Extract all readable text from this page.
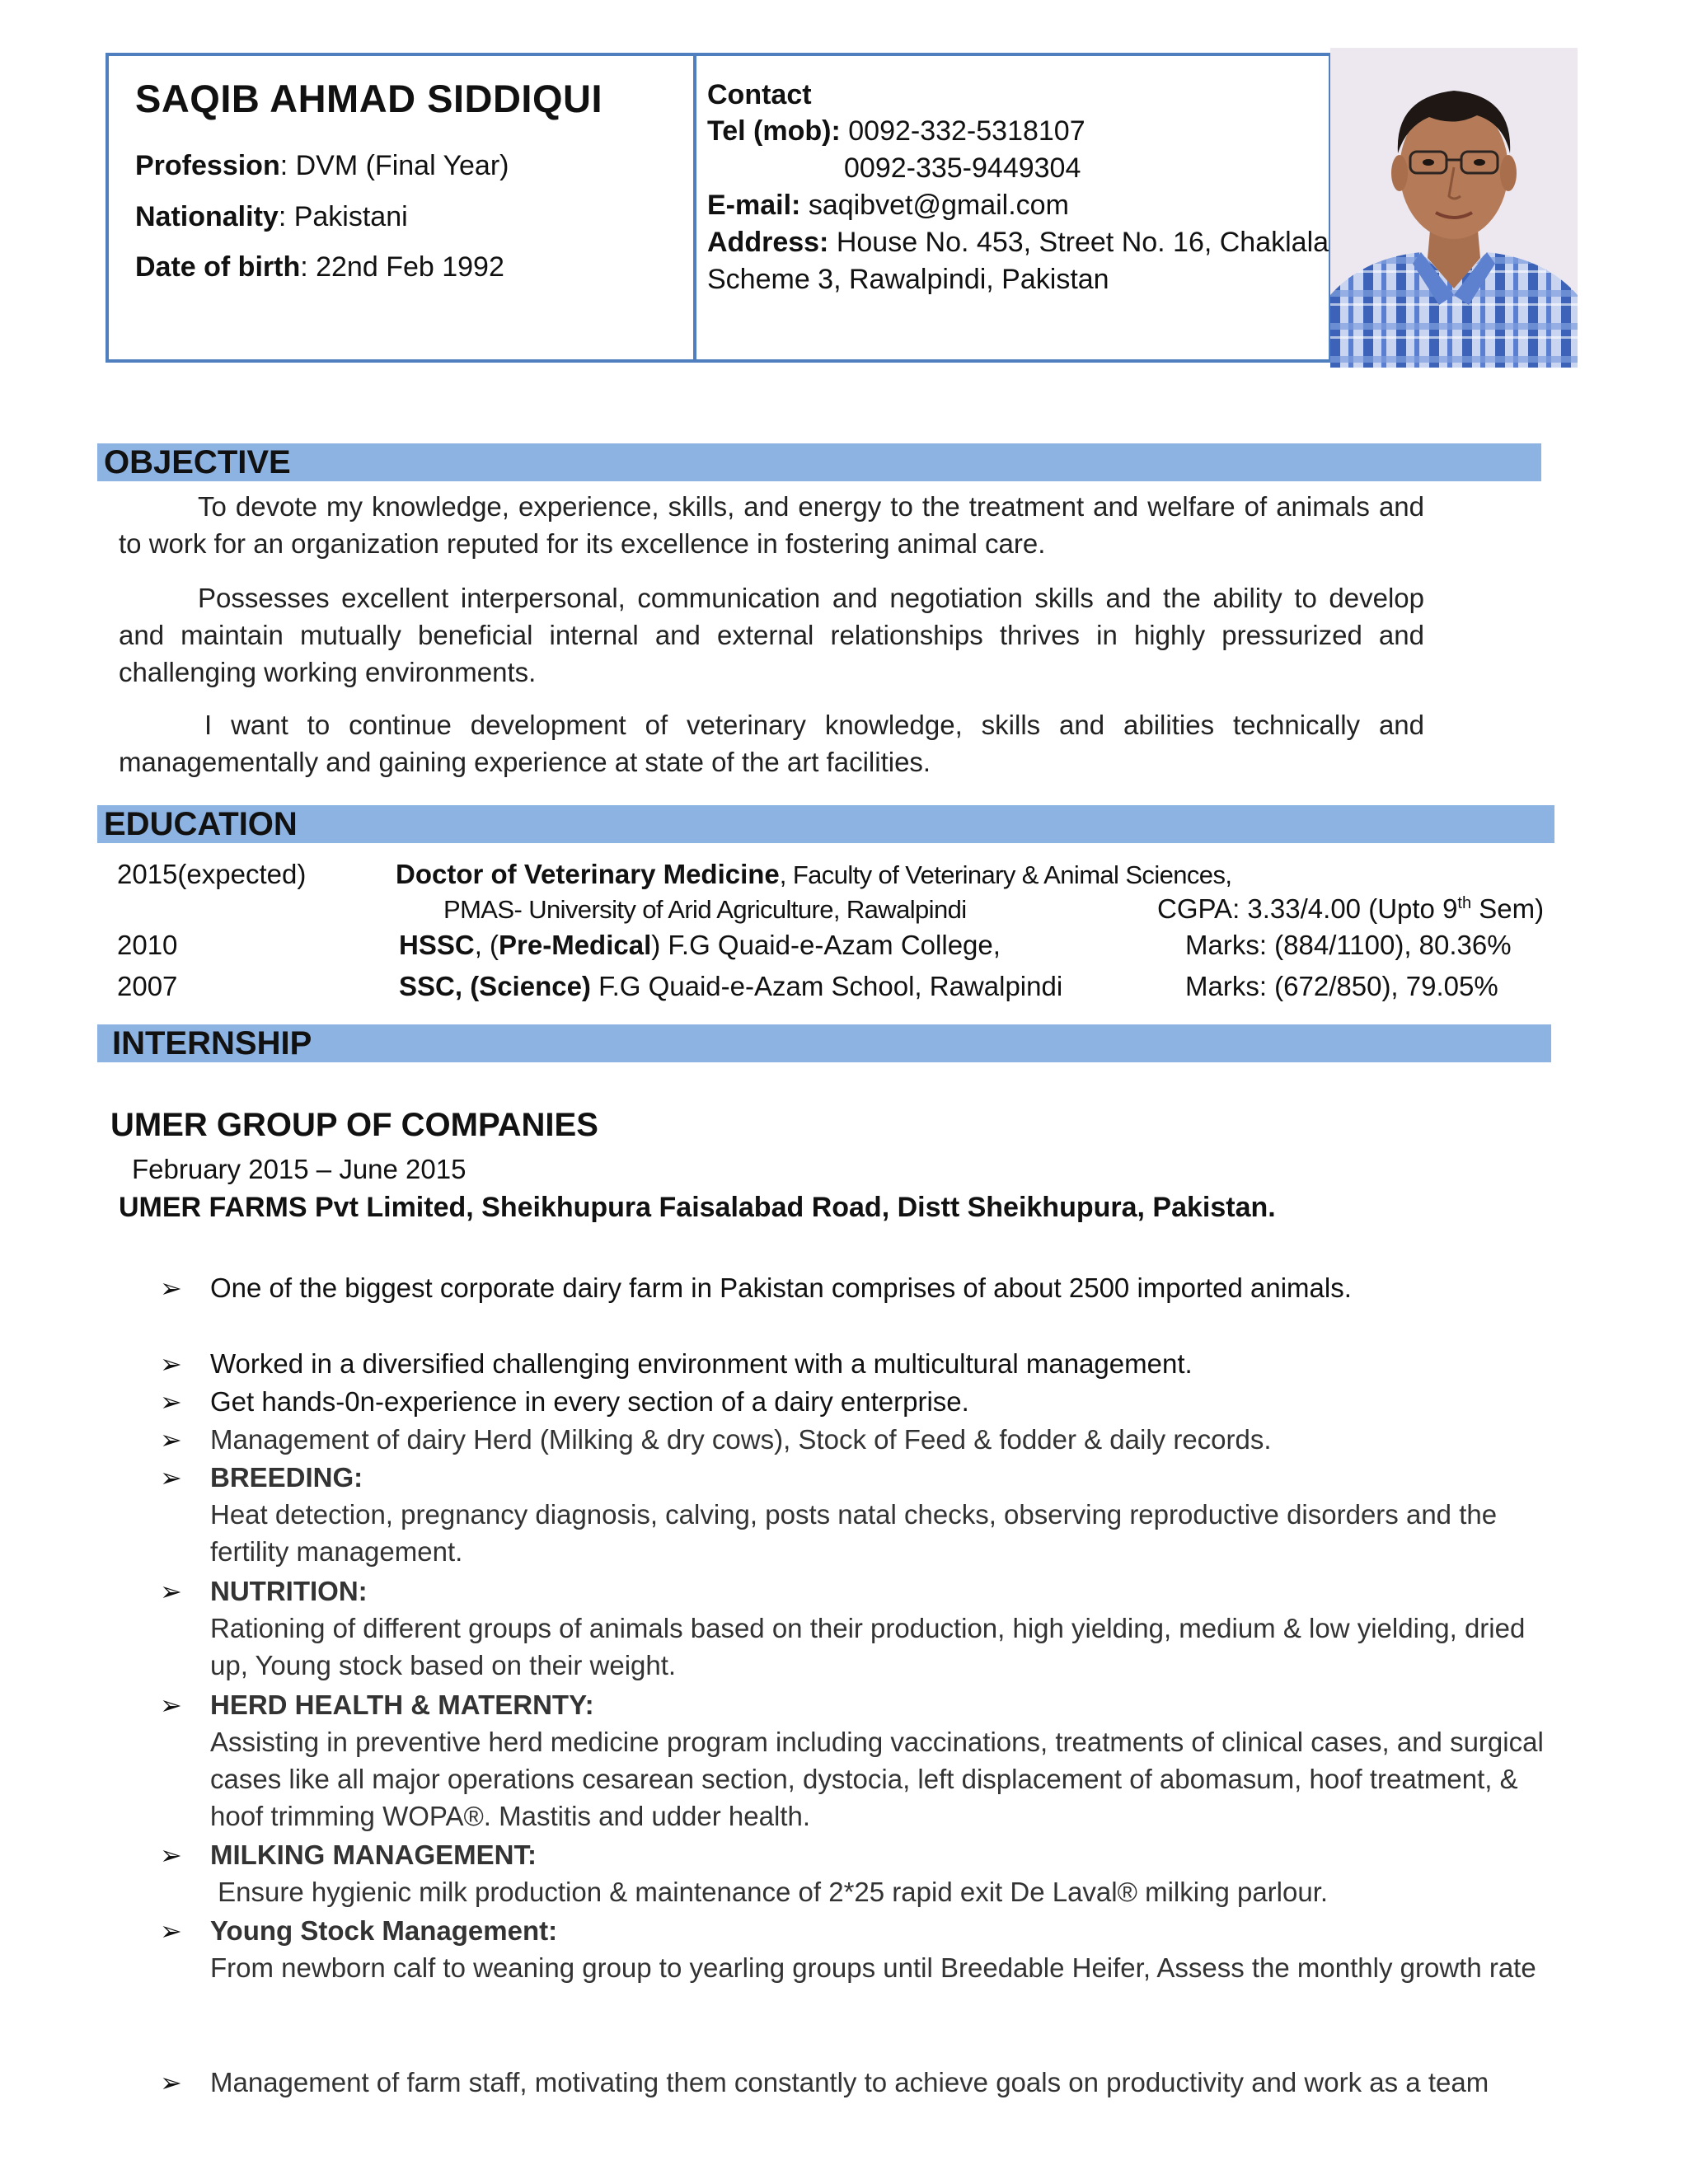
SAQIB AHMAD SIDDIQUI
Profession: DVM (Final Year)
Nationality: Pakistani
Date of birth: 22nd Feb 1992
Contact
Tel (mob): 0092-332-5318107
0092-335-9449304
E-mail: saqibvet@gmail.com
Address: House No. 453, Street No. 16, Chaklala
Scheme 3, Rawalpindi, Pakistan
OBJECTIVE
To devote my knowledge, experience, skills, and energy to the treatment and welfare of animals and to work for an organization reputed for its excellence in fostering animal care.
Possesses excellent interpersonal, communication and negotiation skills and the ability to develop and maintain mutually beneficial internal and external relationships thrives in highly pressurized and challenging working environments.
I want to continue development of veterinary knowledge, skills and abilities technically and managementally and gaining experience at state of the art facilities.
EDUCATION
2015(expected)	Doctor of Veterinary Medicine, Faculty of Veterinary & Animal Sciences,
PMAS- University of Arid Agriculture, Rawalpindi	CGPA: 3.33/4.00 (Upto 9th Sem)
2010	HSSC, (Pre-Medical) F.G Quaid-e-Azam College,	Marks: (884/1100), 80.36%
2007	SSC, (Science) F.G Quaid-e-Azam School, Rawalpindi	Marks: (672/850), 79.05%
INTERNSHIP
UMER GROUP OF COMPANIES
February 2015 – June 2015
UMER FARMS Pvt Limited, Sheikhupura Faisalabad Road, Distt Sheikhupura, Pakistan.
➢ One of the biggest corporate dairy farm in Pakistan comprises of about 2500 imported animals.
➢ Worked in a diversified challenging environment with a multicultural management.
➢ Get hands-0n-experience in every section of a dairy enterprise.
➢ Management of dairy Herd (Milking & dry cows), Stock of Feed & fodder & daily records.
➢ BREEDING:
Heat detection, pregnancy diagnosis, calving, posts natal checks, observing reproductive disorders and the fertility management.
➢ NUTRITION:
Rationing of different groups of animals based on their production, high yielding, medium & low yielding, dried up, Young stock based on their weight.
➢ HERD HEALTH & MATERNTY:
Assisting in preventive herd medicine program including vaccinations, treatments of clinical cases, and surgical cases like all major operations cesarean section, dystocia, left displacement of abomasum, hoof treatment, & hoof trimming WOPA®. Mastitis and udder health.
➢ MILKING MANAGEMENT:
Ensure hygienic milk production & maintenance of 2*25 rapid exit De Laval® milking parlour.
➢ Young Stock Management:
From newborn calf to weaning group to yearling groups until Breedable Heifer, Assess the monthly growth rate
➢ Management of farm staff, motivating them constantly to achieve goals on productivity and work as a team
